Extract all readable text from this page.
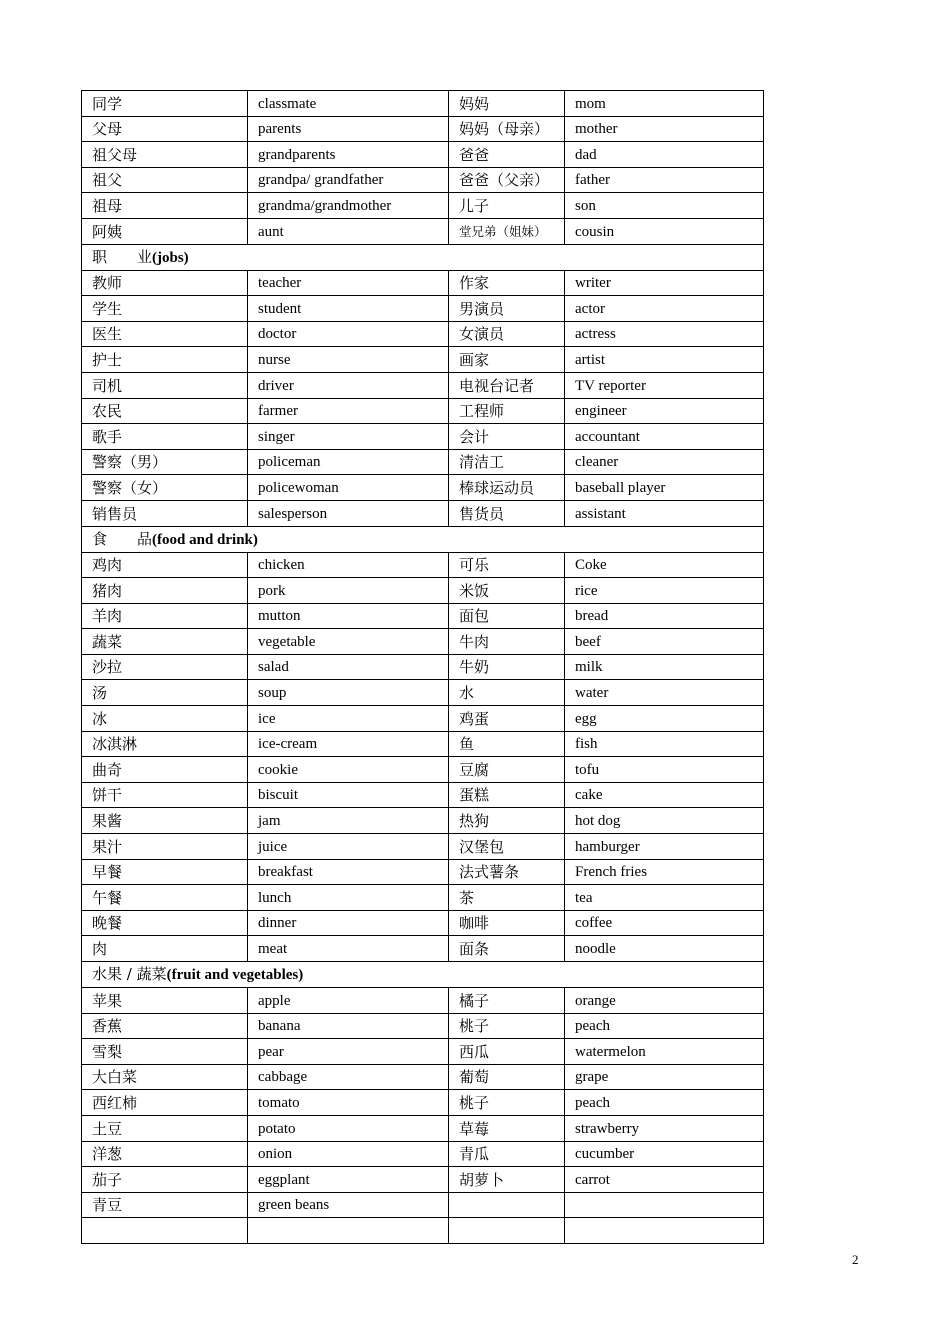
同学	classmate	妈妈	mom
父母	parents	妈妈（母亲）	mother
祖父母	grandparents	爸爸	dad
祖父	grandpa/ grandfather	爸爸（父亲）	father
祖母	grandma/grandmother	儿子	son
阿姨	aunt	堂兄弟（姐妹）	cousin
职　　业(jobs)			
教师	teacher	作家	writer
学生	student	男演员	actor
医生	doctor	女演员	actress
护士	nurse	画家	artist
司机	driver	电视台记者	TV reporter
农民	farmer	工程师	engineer
歌手	singer	会计	accountant
警察（男）	policeman	清洁工	cleaner
警察（女）	policewoman	棒球运动员	baseball player
销售员	salesperson	售货员	assistant
食　　品(food and drink)			
鸡肉	chicken	可乐	Coke
猪肉	pork	米饭	rice
羊肉	mutton	面包	bread
蔬菜	vegetable	牛肉	beef
沙拉	salad	牛奶	milk
汤	soup	水	water
冰	ice	鸡蛋	egg
冰淇淋	ice-cream	鱼	fish
曲奇	cookie	豆腐	tofu
饼干	biscuit	蛋糕	cake
果酱	jam	热狗	hot dog
果汁	juice	汉堡包	hamburger
早餐	breakfast	法式薯条	French fries
午餐	lunch	茶	tea
晚餐	dinner	咖啡	coffee
肉	meat	面条	noodle
水果 / 蔬菜(fruit and vegetables)			
苹果	apple	橘子	orange
香蕉	banana	桃子	peach
雪梨	pear	西瓜	watermelon
大白菜	cabbage	葡萄	grape
西红柿	tomato	桃子	peach
土豆	potato	草莓	strawberry
洋葱	onion	青瓜	cucumber
茄子	eggplant	胡萝卜	carrot
青豆	green beans		

2
